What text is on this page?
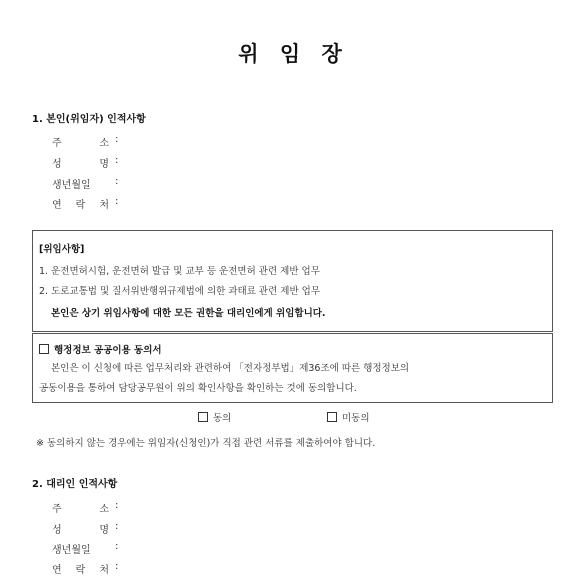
위 임 장
1. 본인(위임자) 인적사항
주 소 :
성 명 :
생년월일	:
연 락 처 :
[위임사항]
1. 운전면허시험, 운전면허 발급 및 교부 등 운전면허 관련 제반 업무
2. 도로교통법 및 질서위반행위규제법에 의한 과태료 관련 제반 업무
본인은 상기 위임사항에 대한 모든 권한을 대리인에게 위임합니다.
행정정보 공공이용 동의서
본인은 이 신청에 따른 업무처리와 관련하여 「전자정부법」제36조에 따른 행정정보의
공동이용을 통하여 담당공무원이 위의 확인사항을 확인하는 것에 동의합니다.
동의	미동의
※ 동의하지 않는 경우에는 위임자(신청인)가 직접 관련 서류를 제출하여야 합니다.
2. 대리인 인적사항
주 소 :
성 명 :
생년월일	:
연 락 처 :
